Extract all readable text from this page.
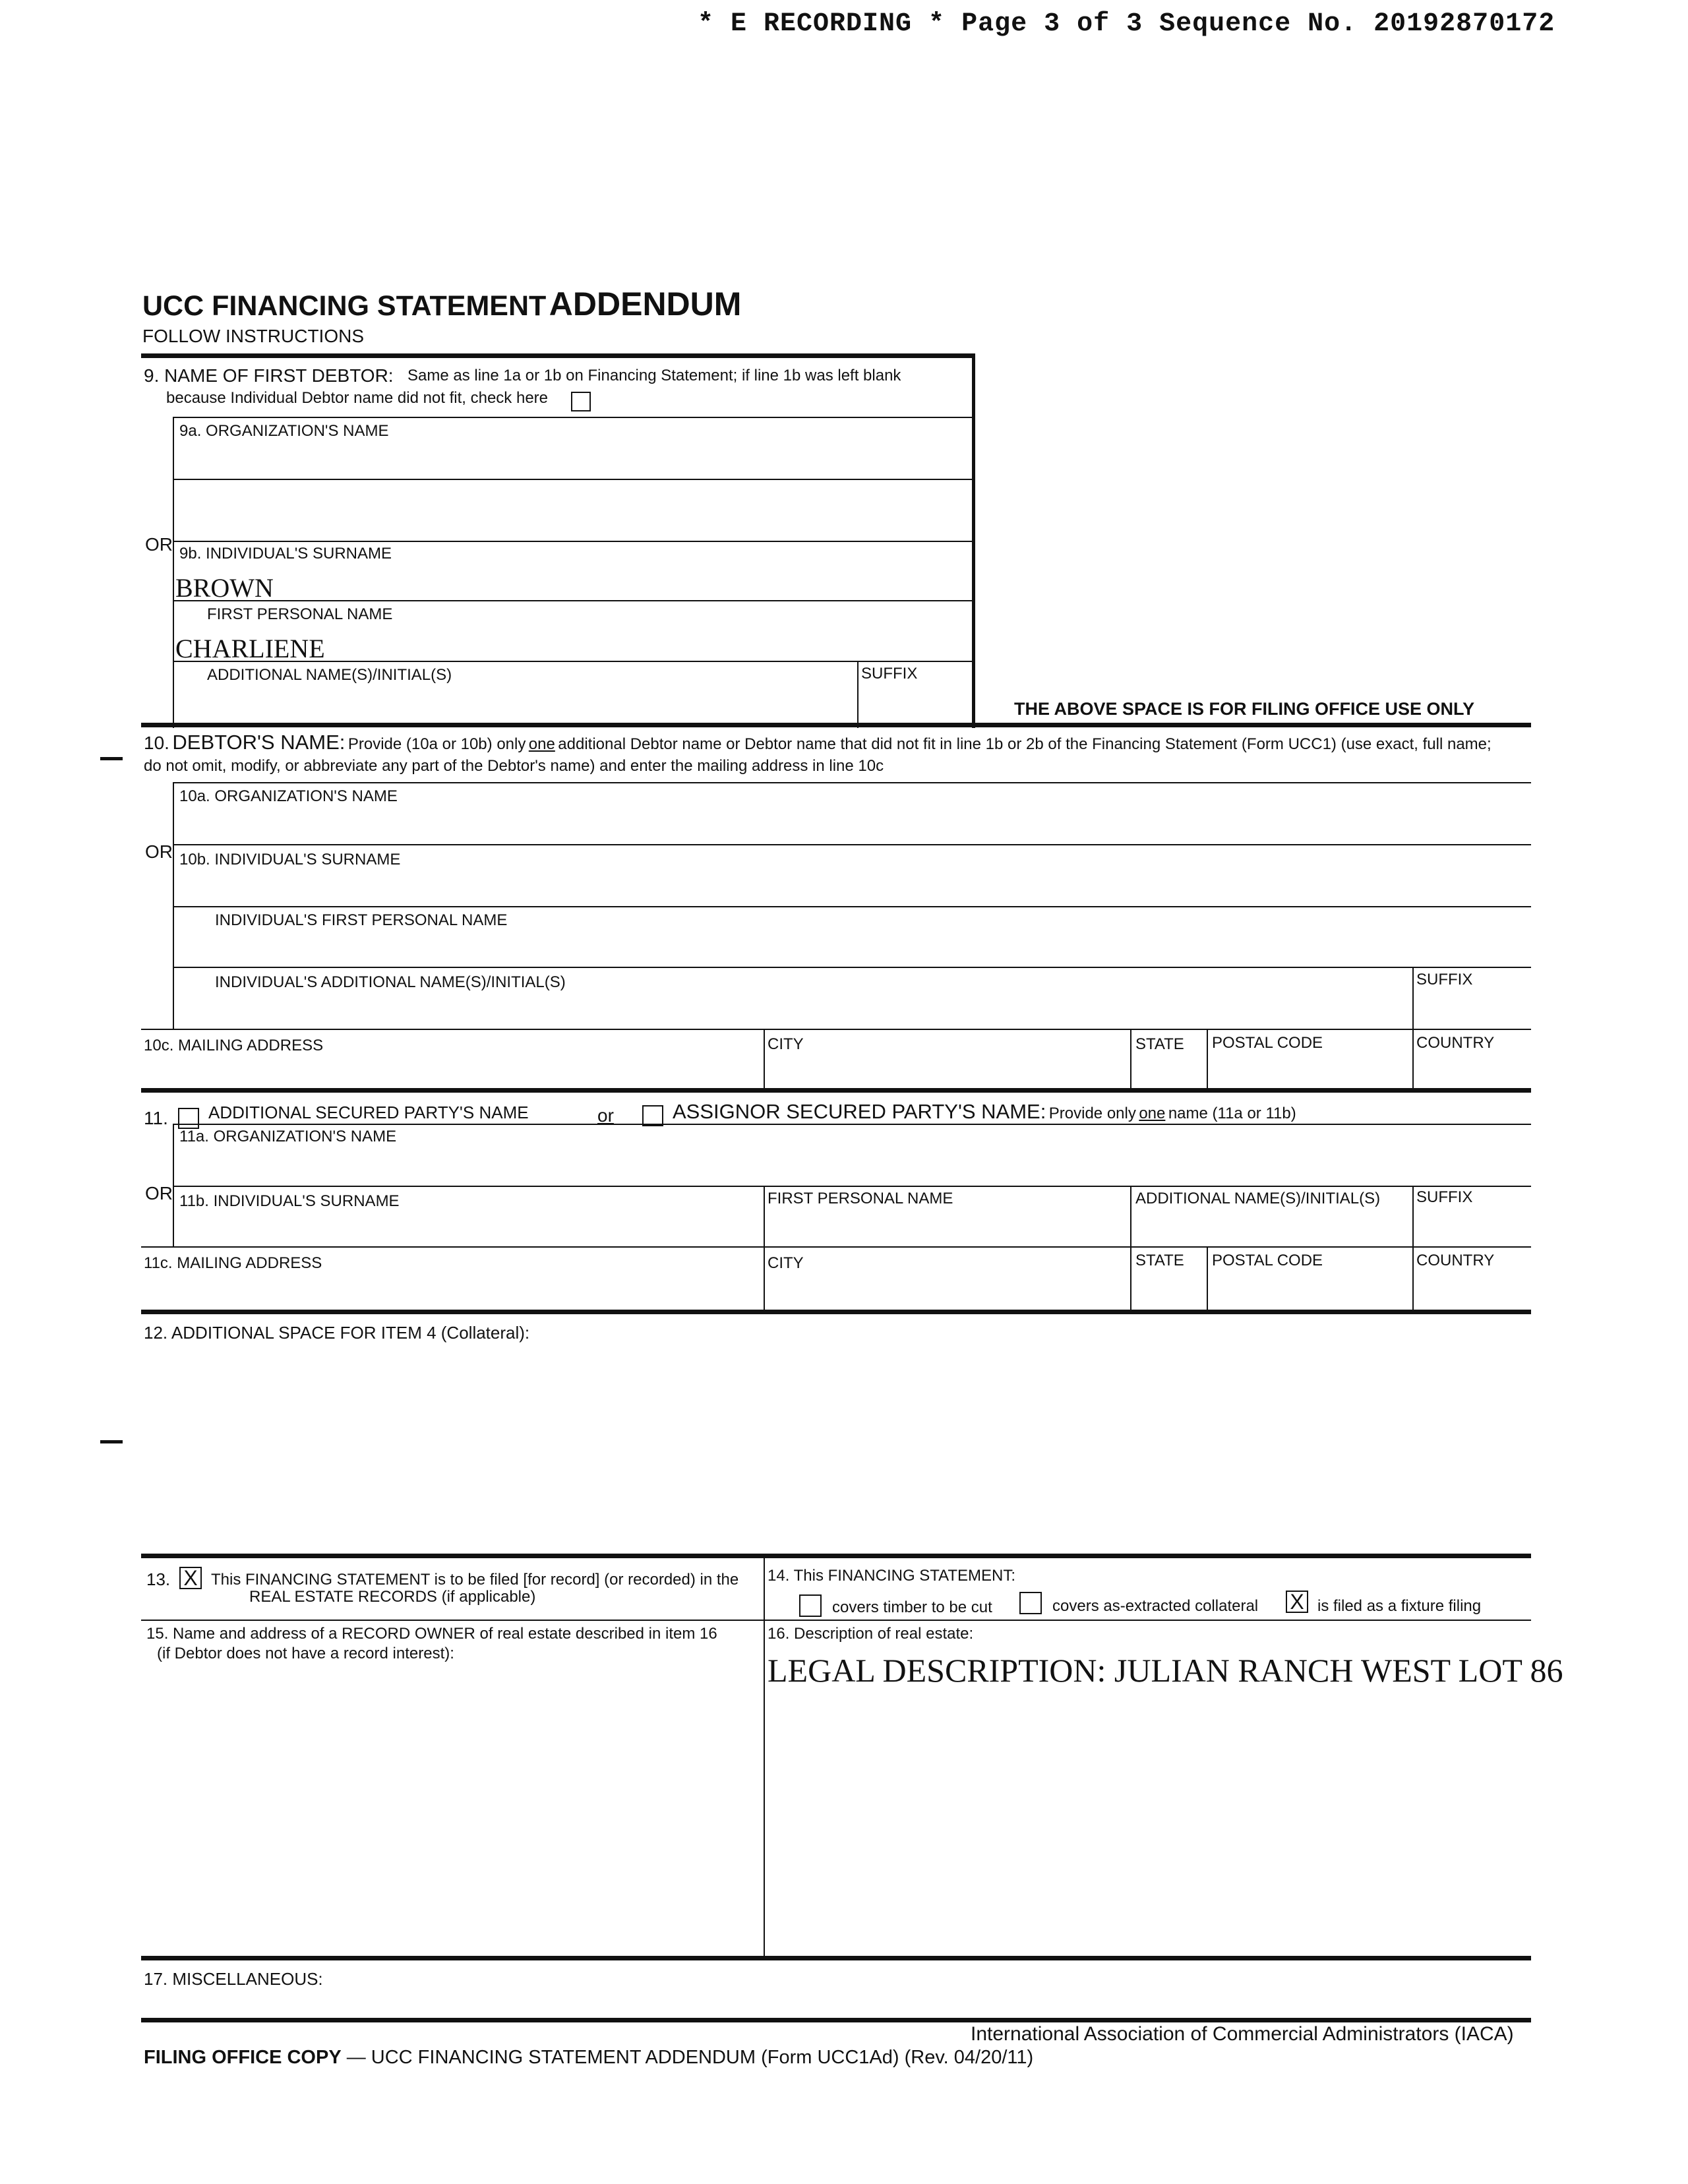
* E RECORDING * Page 3 of 3 Sequence No. 20192870172
UCC FINANCING STATEMENT ADDENDUM
FOLLOW INSTRUCTIONS
9. NAME OF FIRST DEBTOR: Same as line 1a or 1b on Financing Statement; if line 1b was left blank
because Individual Debtor name did not fit, check here
9a. ORGANIZATION'S NAME
OR 9b. INDIVIDUAL'S SURNAME
BROWN
FIRST PERSONAL NAME
CHARLIENE
ADDITIONAL NAME(S)/INITIAL(S)	SUFFIX
THE ABOVE SPACE IS FOR FILING OFFICE USE ONLY
10. DEBTOR'S NAME: Provide (10a or 10b) only one additional Debtor name or Debtor name that did not fit in line 1b or 2b of the Financing Statement (Form UCC1) (use exact, full name;
do not omit, modify, or abbreviate any part of the Debtor's name) and enter the mailing address in line 10c
10a. ORGANIZATION'S NAME
OR 10b. INDIVIDUAL'S SURNAME
INDIVIDUAL'S FIRST PERSONAL NAME
INDIVIDUAL'S ADDITIONAL NAME(S)/INITIAL(S)	SUFFIX
10c. MAILING ADDRESS	CITY	STATE POSTAL CODE	COUNTRY
11. ADDITIONAL SECURED PARTY'S NAME	or	ASSIGNOR SECURED PARTY'S NAME: Provide only one name (11a or 11b)
11a. ORGANIZATION'S NAME
OR 11b. INDIVIDUAL'S SURNAME	FIRST PERSONAL NAME	ADDITIONAL NAME(S)/INITIAL(S) SUFFIX
11c. MAILING ADDRESS	CITY	STATE POSTAL CODE	COUNTRY
12. ADDITIONAL SPACE FOR ITEM 4 (Collateral):
13. X This FINANCING STATEMENT is to be filed [for record] (or recorded) in the
REAL ESTATE RECORDS (if applicable)
14. This FINANCING STATEMENT:
covers timber to be cut	covers as-extracted collateral X is filed as a fixture filing
15. Name and address of a RECORD OWNER of real estate described in item 16
(if Debtor does not have a record interest):
16. Description of real estate:
LEGAL DESCRIPTION: JULIAN RANCH WEST LOT 86
17. MISCELLANEOUS:
International Association of Commercial Administrators (IACA)
FILING OFFICE COPY — UCC FINANCING STATEMENT ADDENDUM (Form UCC1Ad) (Rev. 04/20/11)
